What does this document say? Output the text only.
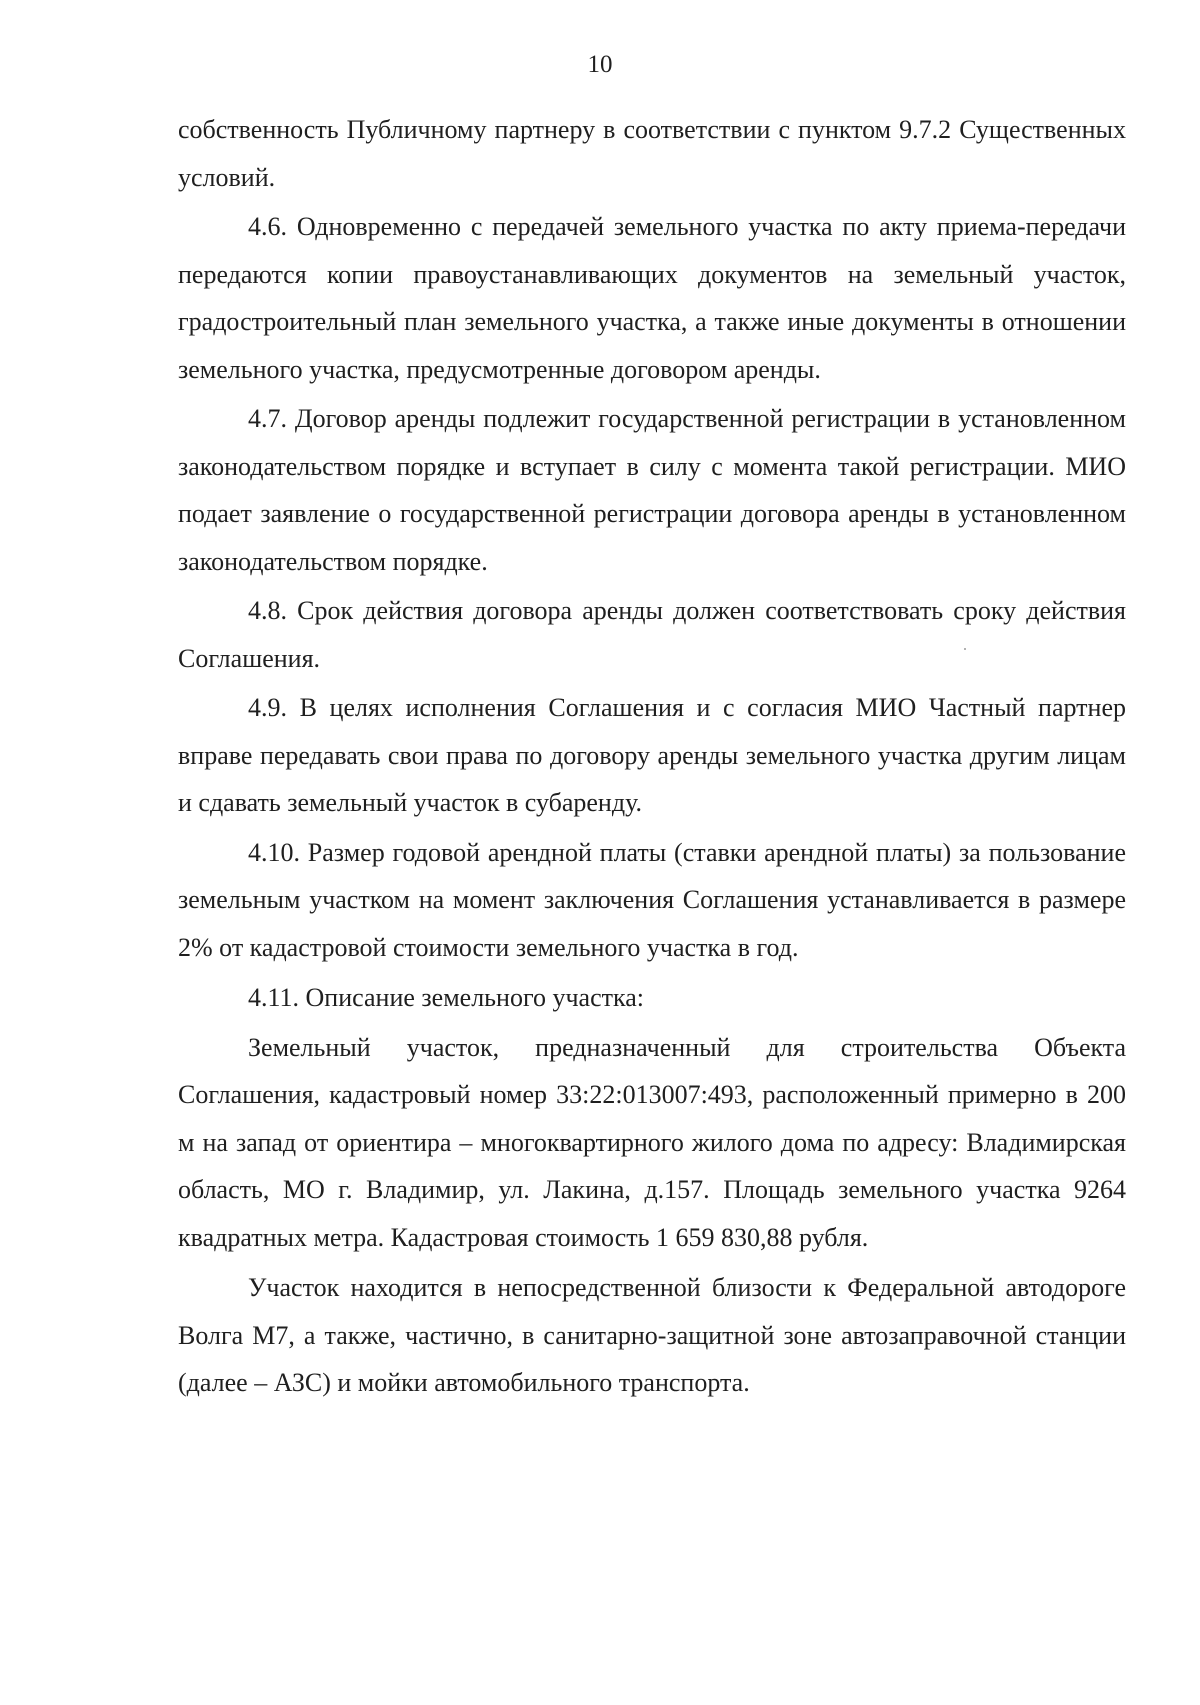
10

собственность Публичному партнеру в соответствии с пунктом 9.7.2 Существенных условий.

4.6. Одновременно с передачей земельного участка по акту приема-передачи передаются копии правоустанавливающих документов на земельный участок, градостроительный план земельного участка, а также иные документы в отношении земельного участка, предусмотренные договором аренды.

4.7. Договор аренды подлежит государственной регистрации в установленном законодательством порядке и вступает в силу с момента такой регистрации. МИО подает заявление о государственной регистрации договора аренды в установленном законодательством порядке.

4.8. Срок действия договора аренды должен соответствовать сроку действия Соглашения.

4.9. В целях исполнения Соглашения и с согласия МИО Частный партнер вправе передавать свои права по договору аренды земельного участка другим лицам и сдавать земельный участок в субаренду.

4.10. Размер годовой арендной платы (ставки арендной платы) за пользование земельным участком на момент заключения Соглашения устанавливается в размере 2% от кадастровой стоимости земельного участка в год.

4.11. Описание земельного участка:

Земельный участок, предназначенный для строительства Объекта Соглашения, кадастровый номер 33:22:013007:493, расположенный примерно в 200 м на запад от ориентира – многоквартирного жилого дома по адресу: Владимирская область, МО г. Владимир, ул. Лакина, д.157. Площадь земельного участка 9264 квадратных метра. Кадастровая стоимость 1 659 830,88 рубля.

Участок находится в непосредственной близости к Федеральной автодороге Волга М7, а также, частично, в санитарно-защитной зоне автозаправочной станции (далее – АЗС) и мойки автомобильного транспорта.
